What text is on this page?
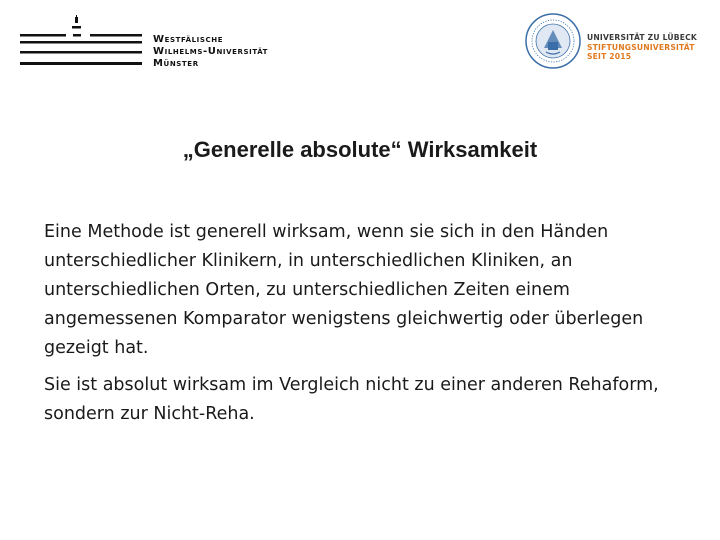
Westfälische
Wilhelms-Universität
Münster
UNIVERSITÄT ZU LÜBECK
STIFTUNGSUNIVERSITÄT
SEIT 2015
„Generelle absolute“ Wirksamkeit

Eine Methode ist generell wirksam, wenn sie sich in den Händen unterschiedlicher Klinikern, in unterschiedlichen Kliniken, an unterschiedlichen Orten, zu unterschiedlichen Zeiten einem angemessenen Komparator wenigstens gleichwertig oder überlegen gezeigt hat.

Sie ist absolut wirksam im Vergleich nicht zu einer anderen Rehaform, sondern zur Nicht-Reha.
